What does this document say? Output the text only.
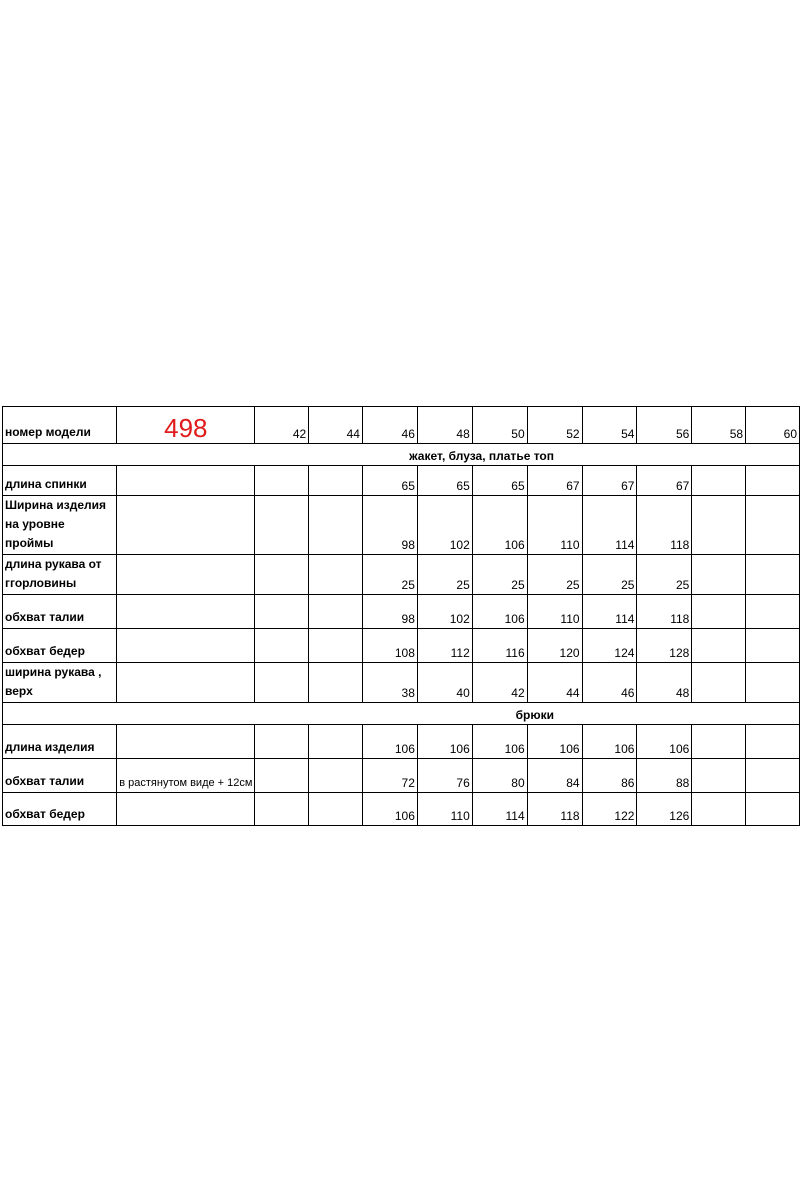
номер модели	498	42	44	46	48	50	52	54	56	58	60
жакет, блуза, платье топ											
длина спинки				65	65	65	67	67	67		
Ширина изделия на уровне проймы				98	102	106	110	114	118		
длина рукава от ггорловины				25	25	25	25	25	25		
обхват талии				98	102	106	110	114	118		
обхват бедер				108	112	116	120	124	128		
ширина рукава , верх				38	40	42	44	46	48		
брюки											
длина изделия				106	106	106	106	106	106		
обхват талии	в растянутом виде + 12см			72	76	80	84	86	88		
обхват бедер				106	110	114	118	122	126		
